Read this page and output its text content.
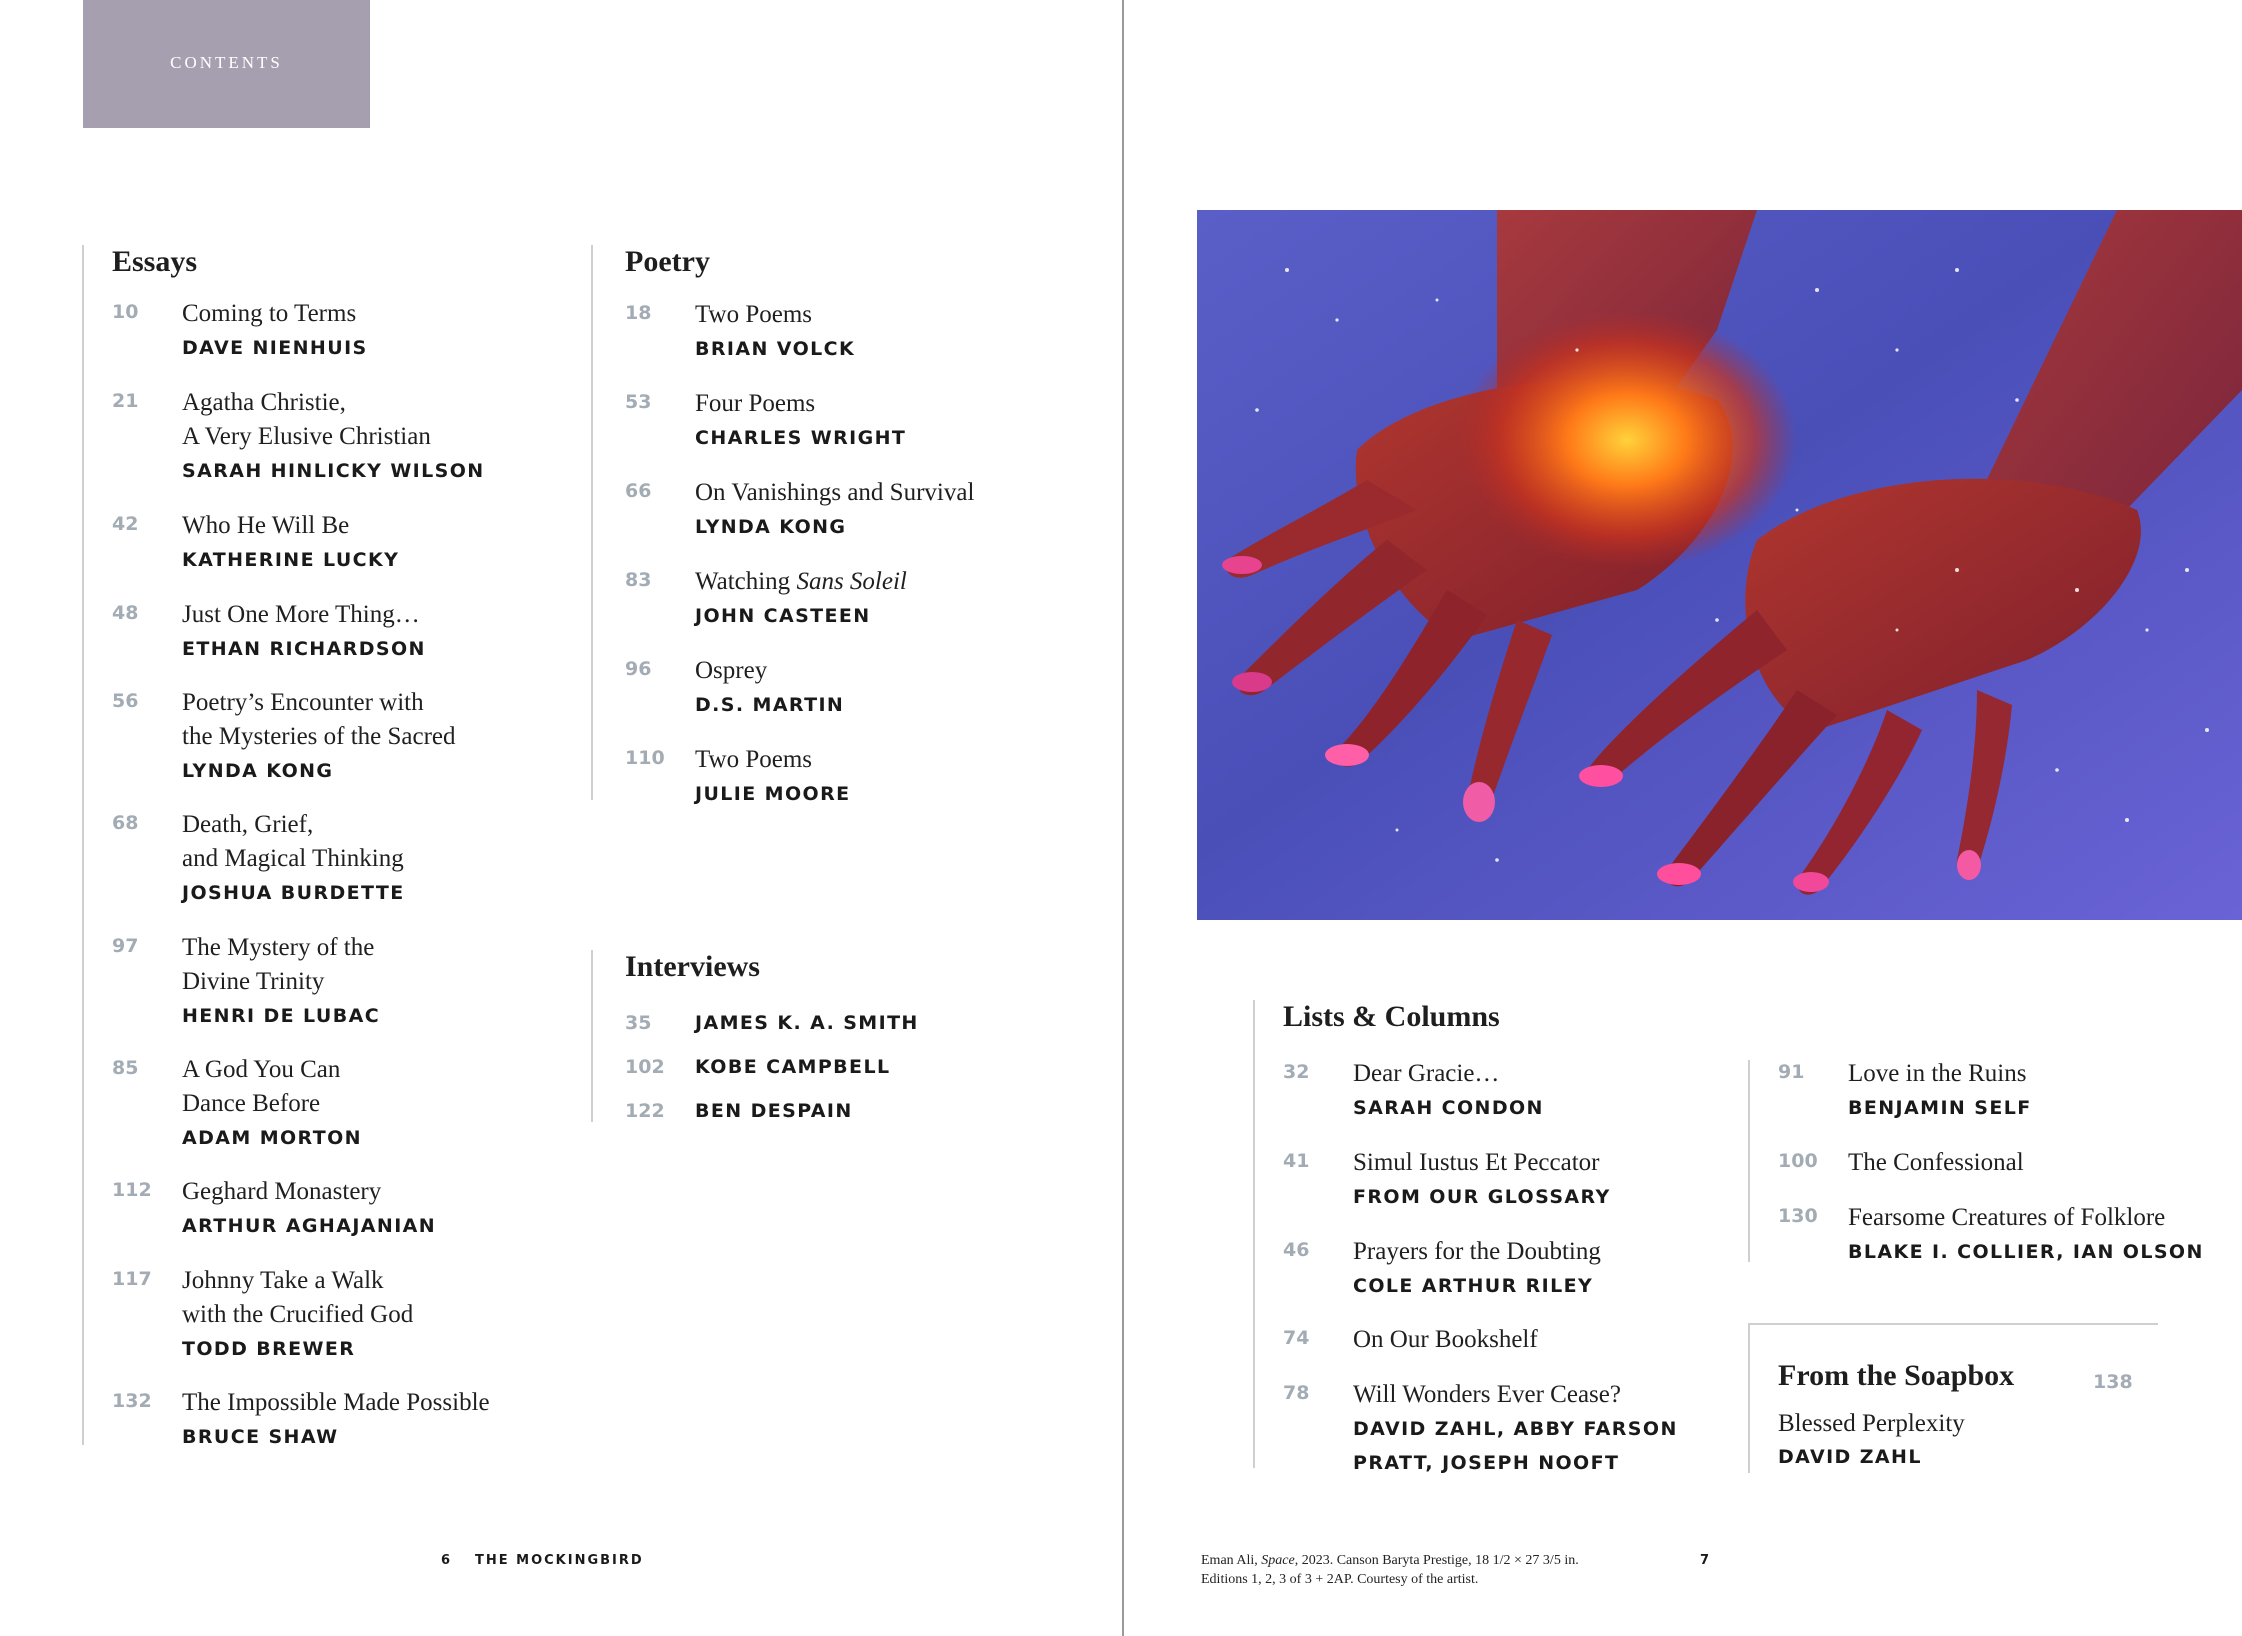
CONTENTS
Essays
10	Coming to Terms
DAVE NIENHUIS
21	Agatha Christie,
A Very Elusive Christian
SARAH HINLICKY WILSON
42	Who He Will Be
KATHERINE LUCKY
48	Just One More Thing…
ETHAN RICHARDSON
56	Poetry’s Encounter with
the Mysteries of the Sacred
LYNDA KONG
68	Death, Grief,
and Magical Thinking
JOSHUA BURDETTE
97	The Mystery of the
Divine Trinity
HENRI DE LUBAC
85	A God You Can
Dance Before
ADAM MORTON
112	Geghard Monastery
ARTHUR AGHAJANIAN
117	Johnny Take a Walk
with the Crucified God
TODD BREWER
132	The Impossible Made Possible
BRUCE SHAW
Poetry
18	Two Poems
BRIAN VOLCK
53	Four Poems
CHARLES WRIGHT
66	On Vanishings and Survival
LYNDA KONG
83	Watching Sans Soleil
JOHN CASTEEN
96	Osprey
D.S. MARTIN
110	Two Poems
JULIE MOORE
Interviews
35	JAMES K. A. SMITH
102	KOBE CAMPBELL
122	BEN DESPAIN
Lists & Columns
32	Dear Gracie…
SARAH CONDON
41	Simul Iustus Et Peccator
FROM OUR GLOSSARY
46	Prayers for the Doubting
COLE ARTHUR RILEY
74	On Our Bookshelf
78	Will Wonders Ever Cease?
DAVID ZAHL, ABBY FARSON
PRATT, JOSEPH NOOFT
91	Love in the Ruins
BENJAMIN SELF
100	The Confessional
130	Fearsome Creatures of Folklore
BLAKE I. COLLIER, IAN OLSON
From the Soapbox	138
Blessed Perplexity
DAVID ZAHL
6 THE MOCKINGBIRD	Eman Ali, Space, 2023. Canson Baryta Prestige, 18 1/2 × 27 3/5 in.
Editions 1, 2, 3 of 3 + 2AP. Courtesy of the artist.
7
